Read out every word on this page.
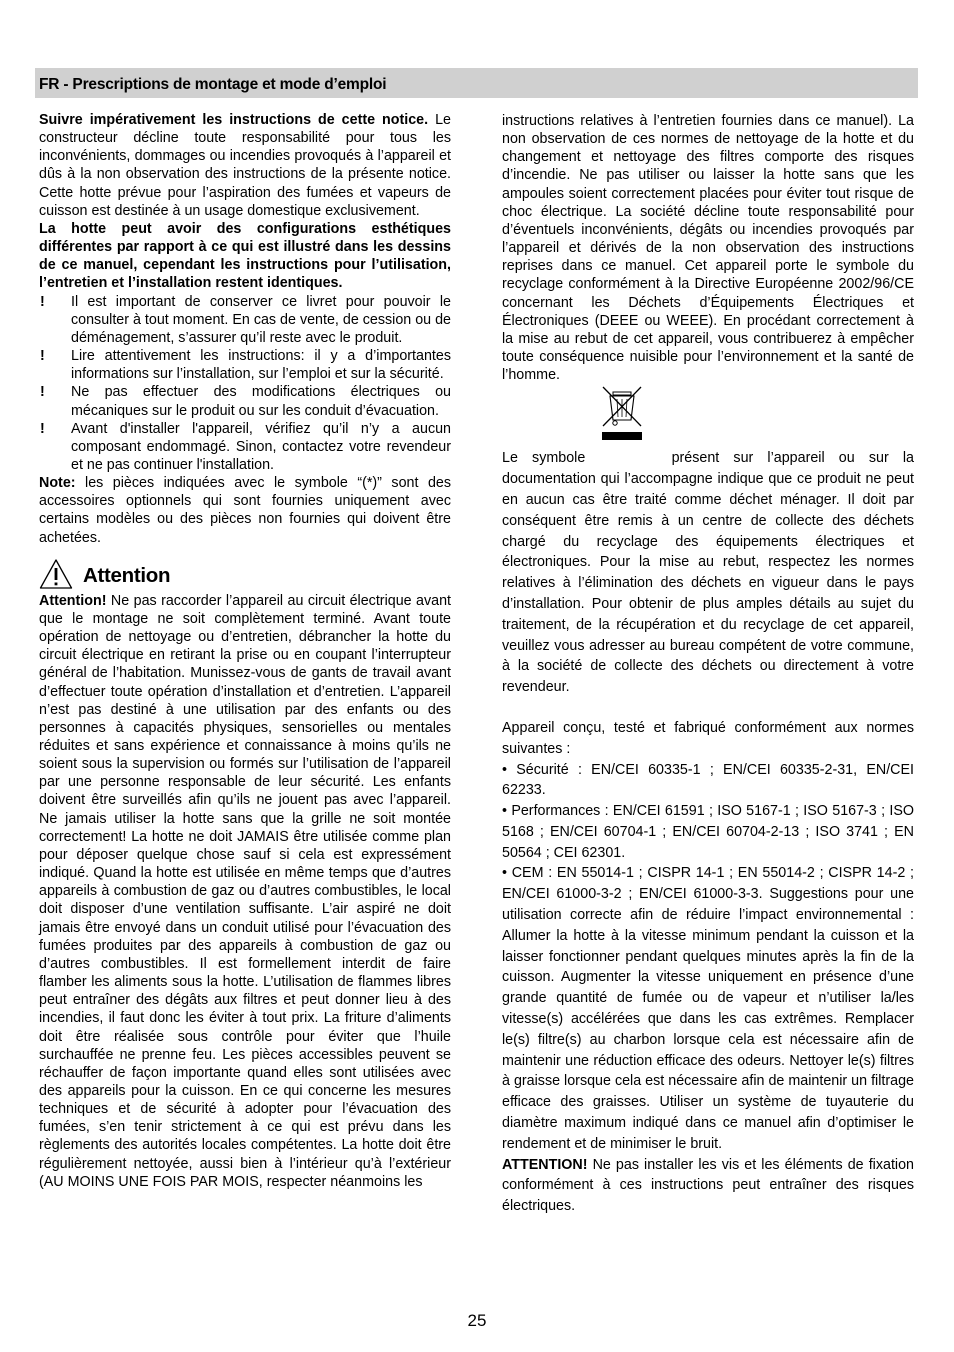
FR - Prescriptions de montage et mode d’emploi

Suivre impérativement les instructions de cette notice. Le constructeur décline toute responsabilité pour tous les inconvénients, dommages ou incendies provoqués à l’appareil et dûs à la non observation des instructions de la présente notice. Cette hotte prévue pour l’aspiration des fumées et vapeurs de cuisson est destinée à un usage domestique exclusivement.

La hotte peut avoir des configurations esthétiques différentes par rapport à ce qui est illustré dans les dessins de ce manuel, cependant les instructions pour l’utilisation, l’entretien et l’installation restent identiques.

! Il est important de conserver ce livret pour pouvoir le consulter à tout moment. En cas de vente, de cession ou de déménagement, s’assurer qu’il reste avec le produit.
! Lire attentivement les instructions: il y a d’importantes informations sur l’installation, sur l’emploi et sur la sécurité.
! Ne pas effectuer des modifications électriques ou mécaniques sur le produit ou sur les conduit d’évacuation.
! Avant d'installer l'appareil, vérifiez qu’il n’y a aucun composant endommagé. Sinon, contactez votre revendeur et ne pas continuer l'installation.

Note: les pièces indiquées avec le symbole “(*)” sont des accessoires optionnels qui sont fournies uniquement avec certains modèles ou des pièces non fournies qui doivent être achetées.

Attention

Attention! Ne pas raccorder l’appareil au circuit électrique avant que le montage ne soit complètement terminé. Avant toute opération de nettoyage ou d’entretien, débrancher la hotte du circuit électrique en retirant la prise ou en coupant l’interrupteur général de l’habitation. Munissez-vous de gants de travail avant d’effectuer toute opération d’installation et d’entretien. L’appareil n’est pas destiné à une utilisation par des enfants ou des personnes à capacités physiques, sensorielles ou mentales réduites et sans expérience et connaissance à moins qu’ils ne soient sous la supervision ou formés sur l’utilisation de l’appareil par une personne responsable de leur sécurité. Les enfants doivent être surveillés afin qu’ils ne jouent pas avec l’appareil. Ne jamais utiliser la hotte sans que la grille ne soit montée correctement! La hotte ne doit JAMAIS être utilisée comme plan pour déposer quelque chose sauf si cela est expressément indiqué. Quand la hotte est utilisée en même temps que d’autres appareils à combustion de gaz ou d’autres combustibles, le local doit disposer d’une ventilation suffisante. L’air aspiré ne doit jamais être envoyé dans un conduit utilisé pour l’évacuation des fumées produites par des appareils à combustion de gaz ou d’autres combustibles. Il est formellement interdit de faire flamber les aliments sous la hotte. L’utilisation de flammes libres peut entraîner des dégâts aux filtres et peut donner lieu à des incendies, il faut donc les éviter à tout prix. La friture d’aliments doit être réalisée sous contrôle pour éviter que l’huile surchauffée ne prenne feu. Les pièces accessibles peuvent se réchauffer de façon importante quand elles sont utilisées avec des appareils pour la cuisson. En ce qui concerne les mesures techniques et de sécurité à adopter pour l’évacuation des fumées, s’en tenir strictement à ce qui est prévu dans les règlements des autorités locales compétentes. La hotte doit être régulièrement nettoyée, aussi bien à l’intérieur qu’à l’extérieur (AU MOINS UNE FOIS PAR MOIS, respecter néanmoins les

instructions relatives à l’entretien fournies dans ce manuel). La non observation de ces normes de nettoyage de la hotte et du changement et nettoyage des filtres comporte des risques d’incendie. Ne pas utiliser ou laisser la hotte sans que les ampoules soient correctement placées pour éviter tout risque de choc électrique. La société décline toute responsabilité pour d’éventuels inconvénients, dégâts ou incendies provoqués par l’appareil et dérivés de la non observation des instructions reprises dans ce manuel. Cet appareil porte le symbole du recyclage conformément à la Directive Européenne 2002/96/CE concernant les Déchets d’Équipements Électriques et Électroniques (DEEE ou WEEE). En procédant correctement à la mise au rebut de cet appareil, vous contribuerez à empêcher toute conséquence nuisible pour l’environnement et la santé de l’homme.

Le symbole	présent sur l’appareil ou sur la documentation qui l’accompagne indique que ce produit ne peut en aucun cas être traité comme déchet ménager. Il doit par conséquent être remis à un centre de collecte des déchets chargé du recyclage des équipements électriques et électroniques. Pour la mise au rebut, respectez les normes relatives à l’élimination des déchets en vigueur dans le pays d’installation. Pour obtenir de plus amples détails au sujet du traitement, de la récupération et du recyclage de cet appareil, veuillez vous adresser au bureau compétent de votre commune, à la société de collecte des déchets ou directement à votre revendeur.

Appareil conçu, testé et fabriqué conformément aux normes suivantes :

• Sécurité : EN/CEI 60335-1 ; EN/CEI 60335-2-31, EN/CEI 62233.

• Performances : EN/CEI 61591 ; ISO 5167-1 ; ISO 5167-3 ; ISO 5168 ; EN/CEI 60704-1 ; EN/CEI 60704-2-13 ; ISO 3741 ; EN 50564 ; CEI 62301.

• CEM : EN 55014-1 ; CISPR 14-1 ; EN 55014-2 ; CISPR 14-2 ; EN/CEI 61000-3-2 ; EN/CEI 61000-3-3. Suggestions pour une utilisation correcte afin de réduire l’impact environnemental : Allumer la hotte à la vitesse minimum pendant la cuisson et la laisser fonctionner pendant quelques minutes après la fin de la cuisson. Augmenter la vitesse uniquement en présence d’une grande quantité de fumée ou de vapeur et n’utiliser la/les vitesse(s) accélérées que dans les cas extrêmes. Remplacer le(s) filtre(s) au charbon lorsque cela est nécessaire afin de maintenir une réduction efficace des odeurs. Nettoyer le(s) filtres à graisse lorsque cela est nécessaire afin de maintenir un filtrage efficace des graisses. Utiliser un système de tuyauterie du diamètre maximum indiqué dans ce manuel afin d’optimiser le rendement et de minimiser le bruit.

ATTENTION! Ne pas installer les vis et les éléments de fixation conformément à ces instructions peut entraîner des risques électriques.

25
